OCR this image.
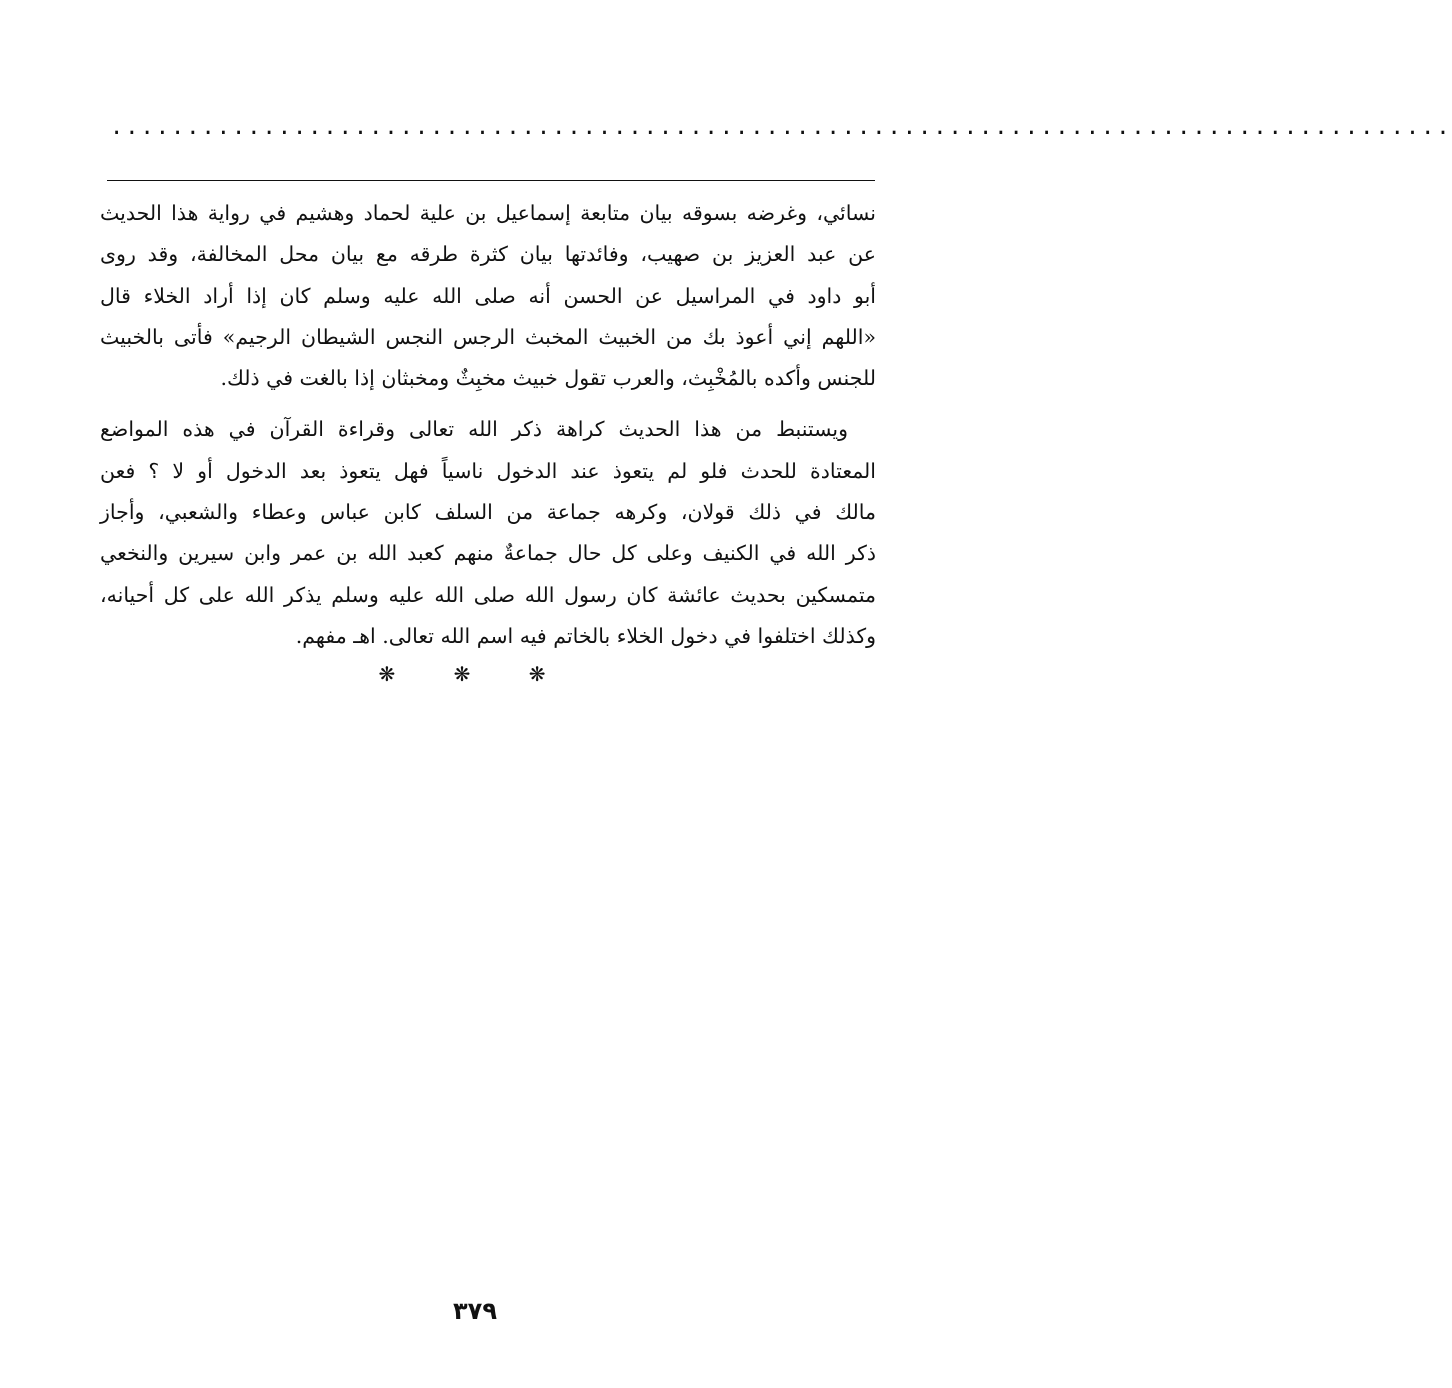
........................................................................................
نسائي، وغرضه بسوقه بيان متابعة إسماعيل بن علية لحماد وهشيم في رواية هذا الحديث
عن عبد العزيز بن صهيب، وفائدتها بيان كثرة طرقه مع بيان محل المخالفة، وقد روى
أبو داود في المراسيل عن الحسن أنه صلى الله عليه وسلم كان إذا أراد الخلاء قال
«اللهم إني أعوذ بك من الخبيث المخبث الرجس النجس الشيطان الرجيم» فأتى بالخبيث
للجنس وأكده بالمُخْبِث، والعرب تقول خبيث مخبِثٌ ومخبثان إذا بالغت في ذلك.
ويستنبط من هذا الحديث كراهة ذكر الله تعالى وقراءة القرآن في هذه المواضع
المعتادة للحدث فلو لم يتعوذ عند الدخول ناسياً فهل يتعوذ بعد الدخول أو لا ؟ فعن
مالك في ذلك قولان، وكرهه جماعة من السلف كابن عباس وعطاء والشعبي، وأجاز
ذكر الله في الكنيف وعلى كل حال جماعةٌ منهم كعبد الله بن عمر وابن سيرين والنخعي
متمسكين بحديث عائشة كان رسول الله صلى الله عليه وسلم يذكر الله على كل أحيانه،
وكذلك اختلفوا في دخول الخلاء بالخاتم فيه اسم الله تعالى. اهـ مفهم.
❋ ❋ ❋
٣٧٩
